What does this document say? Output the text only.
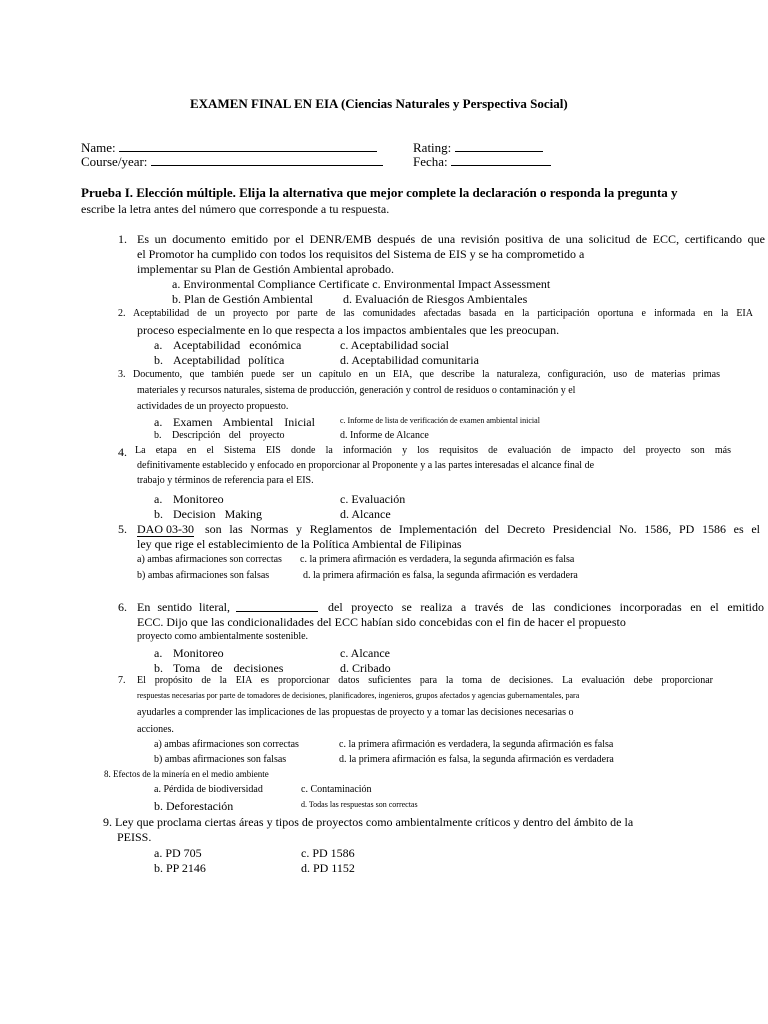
EXAMEN FINAL EN EIA (Ciencias Naturales y Perspectiva Social)
Name:	Rating:
Course/year:	Fecha:
Prueba I. Elección múltiple. Elija la alternativa que mejor complete la declaración o responda la pregunta y
escribe la letra antes del número que corresponde a tu respuesta.
1. Es un documento emitido por el DENR/EMB después de una revisión positiva de una solicitud de ECC, certificando que
el Promotor ha cumplido con todos los requisitos del Sistema de EIS y se ha comprometido a
implementar su Plan de Gestión Ambiental aprobado.
a. Environmental Compliance Certificate c. Environmental Impact Assessment
b. Plan de Gestión Ambiental	d. Evaluación de Riesgos Ambientales
2. Aceptabilidad de un proyecto por parte de las comunidades afectadas basada en la participación oportuna e informada en la EIA
proceso especialmente en lo que respecta a los impactos ambientales que les preocupan.
a. Aceptabilidad económica	c. Aceptabilidad social
b. Aceptabilidad política	d. Aceptabilidad comunitaria
3. Documento, que también puede ser un capítulo en un EIA, que describe la naturaleza, configuración, uso de materias primas
materiales y recursos naturales, sistema de producción, generación y control de residuos o contaminación y el
actividades de un proyecto propuesto.
a. Examen Ambiental Inicial	c. Informe de lista de verificación de examen ambiental inicial
b. Descripción del proyecto	d. Informe de Alcance
4. La etapa en el Sistema EIS donde la información y los requisitos de evaluación de impacto del proyecto son más
definitivamente establecido y enfocado en proporcionar al Proponente y a las partes interesadas el alcance final de
trabajo y términos de referencia para el EIS.
a. Monitoreo	c. Evaluación
b. Decision Making	d. Alcance
5. DAO 03-30 son las Normas y Reglamentos de Implementación del Decreto Presidencial No. 1586, PD 1586 es el
ley que rige el establecimiento de la Política Ambiental de Filipinas
a) ambas afirmaciones son correctas c. la primera afirmación es verdadera, la segunda afirmación es falsa
b) ambas afirmaciones son falsas	d. la primera afirmación es falsa, la segunda afirmación es verdadera
6. En sentido literal,	del proyecto se realiza a través de las condiciones incorporadas en el emitido
ECC. Dijo que las condicionalidades del ECC habían sido concebidas con el fin de hacer el propuesto
proyecto como ambientalmente sostenible.
a. Monitoreo	c. Alcance
b. Toma de decisiones	d. Cribado
7. El propósito de la EIA es proporcionar datos suficientes para la toma de decisiones. La evaluación debe proporcionar
respuestas necesarias por parte de tomadores de decisiones, planificadores, ingenieros, grupos afectados y agencias gubernamentales, para
ayudarles a comprender las implicaciones de las propuestas de proyecto y a tomar las decisiones necesarias o
acciones.
a) ambas afirmaciones son correctas	c. la primera afirmación es verdadera, la segunda afirmación es falsa
b) ambas afirmaciones son falsas	d. la primera afirmación es falsa, la segunda afirmación es verdadera
8. Efectos de la minería en el medio ambiente
a. Pérdida de biodiversidad	c. Contaminación
b. Deforestación	d. Todas las respuestas son correctas
9. Ley que proclama ciertas áreas y tipos de proyectos como ambientalmente críticos y dentro del ámbito de la
PEISS.
a. PD 705	c. PD 1586
b. PP 2146	d. PD 1152
